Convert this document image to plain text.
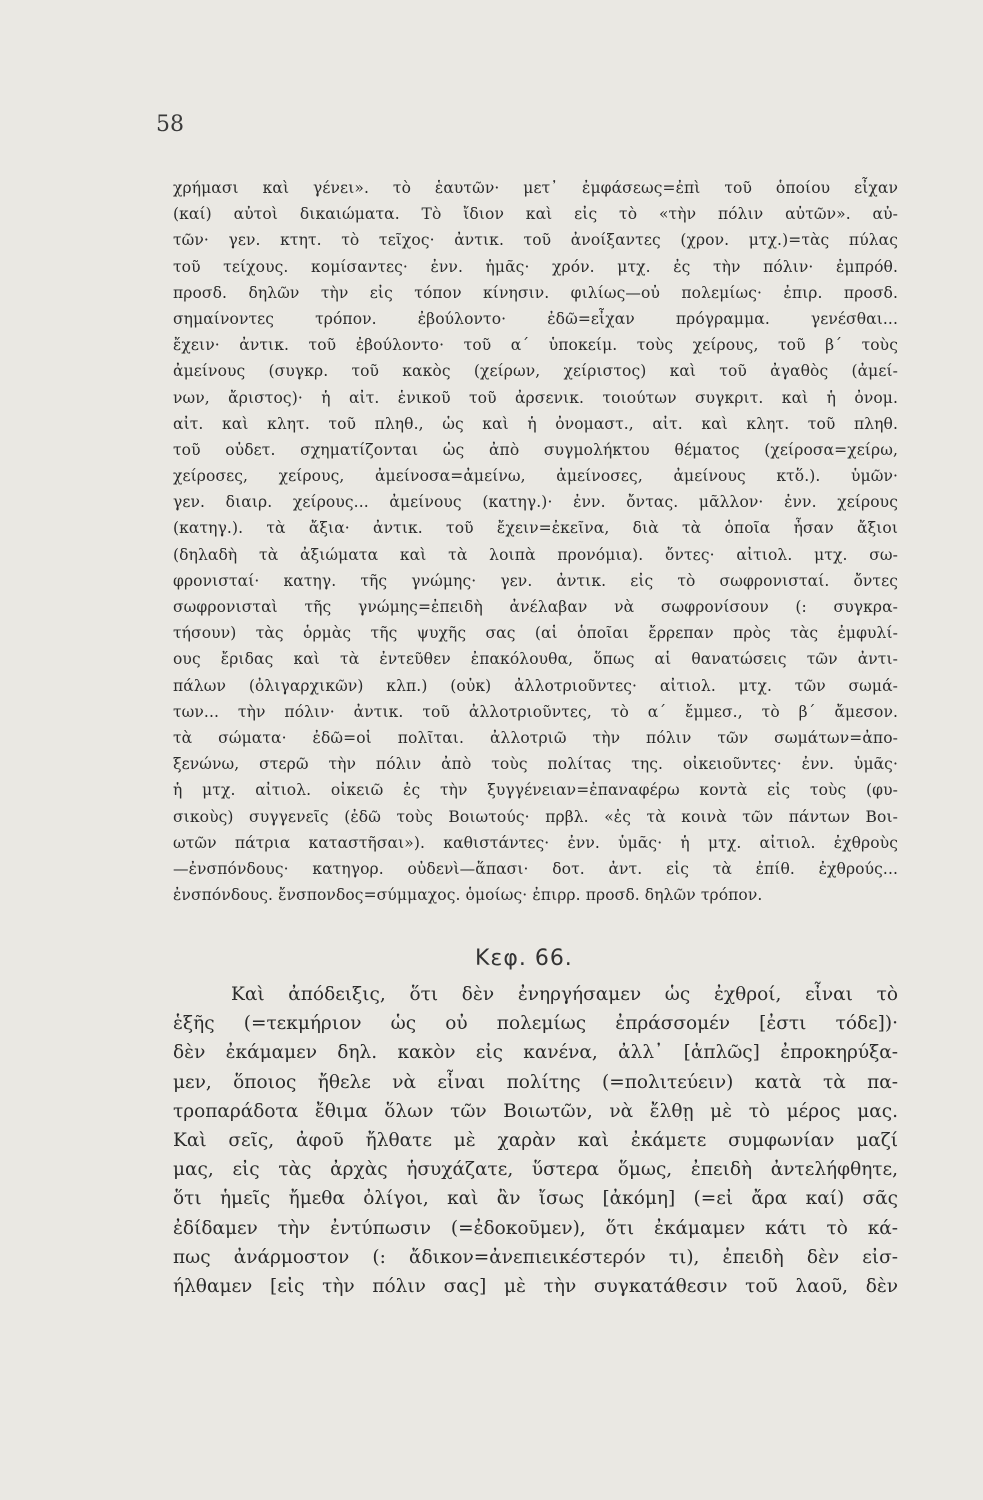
58
χρήμασι καὶ γένει». τὸ ἑαυτῶν· μετ᾽ ἐμφάσεως=ἐπὶ τοῦ ὁποίου εἶχαν
(καί) αὐτοὶ δικαιώματα. Τὸ ἴδιον καὶ εἰς τὸ «τὴν πόλιν αὐτῶν». αὐ-
τῶν· γεν. κτητ. τὸ τεῖχος· ἀντικ. τοῦ ἀνοίξαντες (χρον. μτχ.)=τὰς πύλας
τοῦ τείχους. κομίσαντες· ἐνν. ἡμᾶς· χρόν. μτχ. ἐς τὴν πόλιν· ἐμπρόθ.
προσδ. δηλῶν τὴν εἰς τόπον κίνησιν. φιλίως—οὐ πολεμίως· ἐπιρ. προσδ.
σημαίνοντες τρόπον. ἐβούλοντο· ἐδῶ=εἶχαν πρόγραμμα. γενέσθαι...
ἔχειν· ἀντικ. τοῦ ἐβούλοντο· τοῦ α΄ ὑποκείμ. τοὺς χείρους, τοῦ β΄ τοὺς
ἀμείνους (συγκρ. τοῦ κακὸς (χείρων, χείριστος) καὶ τοῦ ἀγαθὸς (ἀμεί-
νων, ἄριστος)· ἡ αἰτ. ἑνικοῦ τοῦ ἀρσενικ. τοιούτων συγκριτ. καὶ ἡ ὀνομ.
αἰτ. καὶ κλητ. τοῦ πληθ., ὡς καὶ ἡ ὀνομαστ., αἰτ. καὶ κλητ. τοῦ πληθ.
τοῦ οὐδετ. σχηματίζονται ὡς ἀπὸ συγμολήκτου θέματος (χείροσα=χείρω,
χείροσες, χείρους, ἀμείνοσα=ἀμείνω, ἀμείνοσες, ἀμείνους κτὅ.). ὑμῶν·
γεν. διαιρ. χείρους... ἀμείνους (κατηγ.)· ἐνν. ὄντας. μᾶλλον· ἐνν. χείρους
(κατηγ.). τὰ ἄξια· ἀντικ. τοῦ ἔχειν=ἐκεῖνα, διὰ τὰ ὁποῖα ἦσαν ἄξιοι
(δηλαδὴ τὰ ἀξιώματα καὶ τὰ λοιπὰ προνόμια). ὄντες· αἰτιολ. μτχ. σω-
φρονισταί· κατηγ. τῆς γνώμης· γεν. ἀντικ. εἰς τὸ σωφρονισταί. ὄντες
σωφρονισταὶ τῆς γνώμης=ἐπειδὴ ἀνέλαβαν νὰ σωφρονίσουν (: συγκρα-
τήσουν) τὰς ὁρμὰς τῆς ψυχῆς σας (αἱ ὁποῖαι ἔρρεπαν πρὸς τὰς ἐμφυλί-
ους ἔριδας καὶ τὰ ἐντεῦθεν ἐπακόλουθα, ὅπως αἱ θανατώσεις τῶν ἀντι-
πάλων (ὀλιγαρχικῶν) κλπ.) (οὐκ) ἀλλοτριοῦντες· αἰτιολ. μτχ. τῶν σωμά-
των... τὴν πόλιν· ἀντικ. τοῦ ἀλλοτριοῦντες, τὸ α΄ ἔμμεσ., τὸ β΄ ἄμεσον.
τὰ σώματα· ἐδῶ=οἱ πολῖται. ἀλλοτριῶ τὴν πόλιν τῶν σωμάτων=ἀπο-
ξενώνω, στερῶ τὴν πόλιν ἀπὸ τοὺς πολίτας της. οἰκειοῦντες· ἐνν. ὑμᾶς·
ἡ μτχ. αἰτιολ. οἰκειῶ ἐς τὴν ξυγγένειαν=ἐπαναφέρω κοντὰ εἰς τοὺς (φυ-
σικοὺς) συγγενεῖς (ἐδῶ τοὺς Βοιωτούς· πρβλ. «ἐς τὰ κοινὰ τῶν πάντων Βοι-
ωτῶν πάτρια καταστῆσαι»). καθιστάντες· ἐνν. ὑμᾶς· ἡ μτχ. αἰτιολ. ἐχθροὺς
—ἐνσπόνδους· κατηγορ. οὐδενὶ—ἅπασι· δοτ. ἀντ. εἰς τὰ ἐπίθ. ἐχθρούς...
ἐνσπόνδους. ἔνσπονδος=σύμμαχος. ὁμοίως· ἐπιρρ. προσδ. δηλῶν τρόπον.
Κεφ. 66.
Καὶ ἀπόδειξις, ὅτι δὲν ἐνηργήσαμεν ὡς ἐχθροί, εἶναι τὸ
ἑξῆς (=τεκμήριον ὡς οὐ πολεμίως ἐπράσσομέν [ἐστι τόδε])·
δὲν ἐκάμαμεν δηλ. κακὸν εἰς κανένα, ἀλλ᾽ [ἁπλῶς] ἐπροκηρύξα-
μεν, ὅποιος ἤθελε νὰ εἶναι πολίτης (=πολιτεύειν) κατὰ τὰ πα-
τροπαράδοτα ἔθιμα ὅλων τῶν Βοιωτῶν, νὰ ἔλθῃ μὲ τὸ μέρος μας.
Καὶ σεῖς, ἀφοῦ ἤλθατε μὲ χαρὰν καὶ ἐκάμετε συμφωνίαν μαζί
μας, εἰς τὰς ἀρχὰς ἡσυχάζατε, ὕστερα ὅμως, ἐπειδὴ ἀντελήφθητε,
ὅτι ἡμεῖς ἤμεθα ὀλίγοι, καὶ ἂν ἴσως [ἀκόμη] (=εἰ ἄρα καί) σᾶς
ἐδίδαμεν τὴν ἐντύπωσιν (=ἐδοκοῦμεν), ὅτι ἐκάμαμεν κάτι τὸ κά-
πως ἀνάρμοστον (: ἄδικον=ἀνεπιεικέστερόν τι), ἐπειδὴ δὲν εἰσ-
ήλθαμεν [εἰς τὴν πόλιν σας] μὲ τὴν συγκατάθεσιν τοῦ λαοῦ, δὲν
